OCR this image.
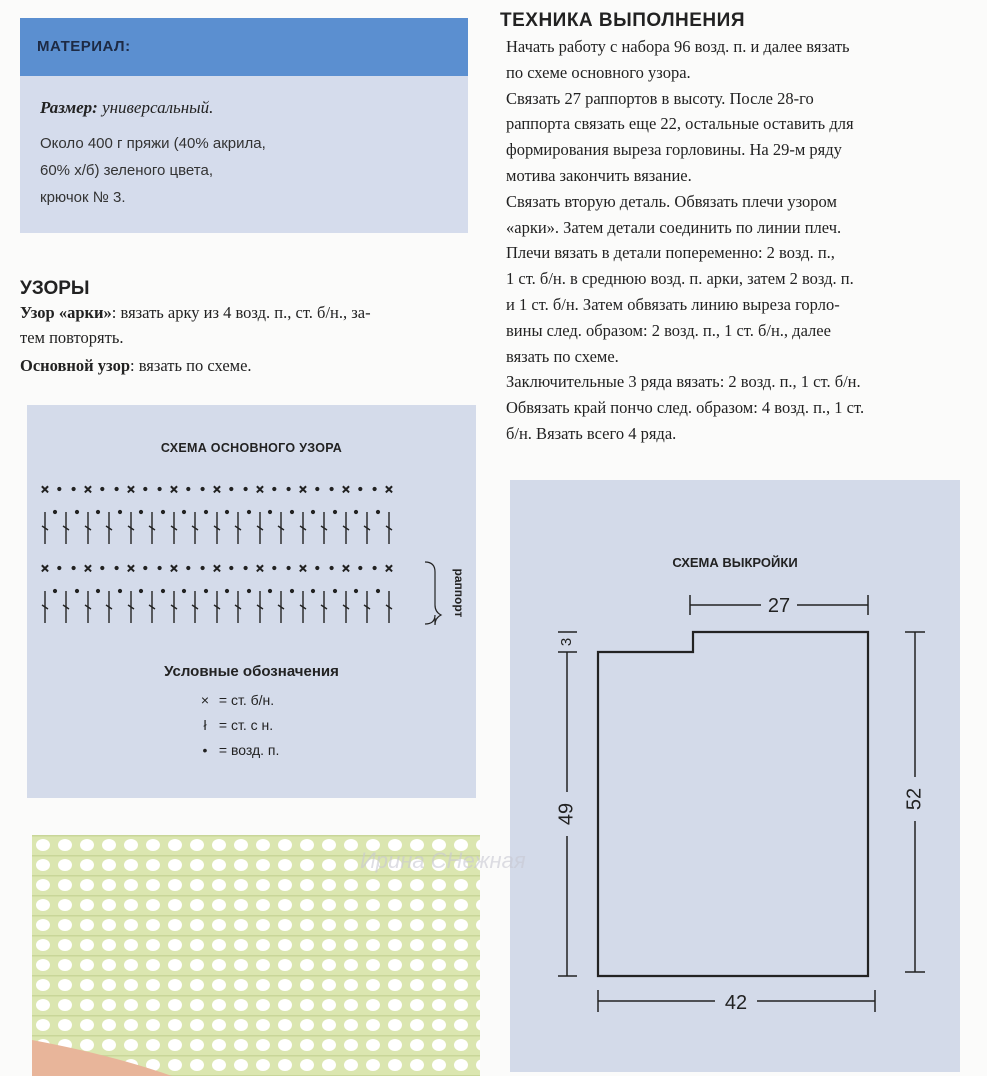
МАТЕРИАЛ:
Размер: универсальный.
Около 400 г пряжи (40% акрила,
60% х/б) зеленого цвета,
крючок № 3.
УЗОРЫ
Узор «арки»: вязать арку из 4 возд. п., ст. б/н., за-
тем повторять.
Основной узор: вязать по схеме.
СХЕМА ОСНОВНОГО УЗОРА
× × × × × × × × ×
× × × × × × × × ×
раппорт
Условные обозначения
× = ст. б/н.
ł = ст. с н.
• = возд. п.
ТЕХНИКА ВЫПОЛНЕНИЯ
Начать работу с набора 96 возд. п. и далее вязать
по схеме основного узора.
Связать 27 раппортов в высоту. После 28-го
раппорта связать еще 22, остальные оставить для
формирования выреза горловины. На 29-м ряду
мотива закончить вязание.
Связать вторую деталь. Обвязать плечи узором
«арки». Затем детали соединить по линии плеч.
Плечи вязать в детали попеременно: 2 возд. п.,
1 ст. б/н. в среднюю возд. п. арки, затем 2 возд. п.
и 1 ст. б/н. Затем обвязать линию выреза горло-
вины след. образом: 2 возд. п., 1 ст. б/н., далее
вязать по схеме.
Заключительные 3 ряда вязать: 2 возд. п., 1 ст. б/н.
Обвязать край пончо след. образом: 4 возд. п., 1 ст.
б/н. Вязать всего 4 ряда.
СХЕМА ВЫКРОЙКИ
27
3
49
52
42
Ирина СНежная
